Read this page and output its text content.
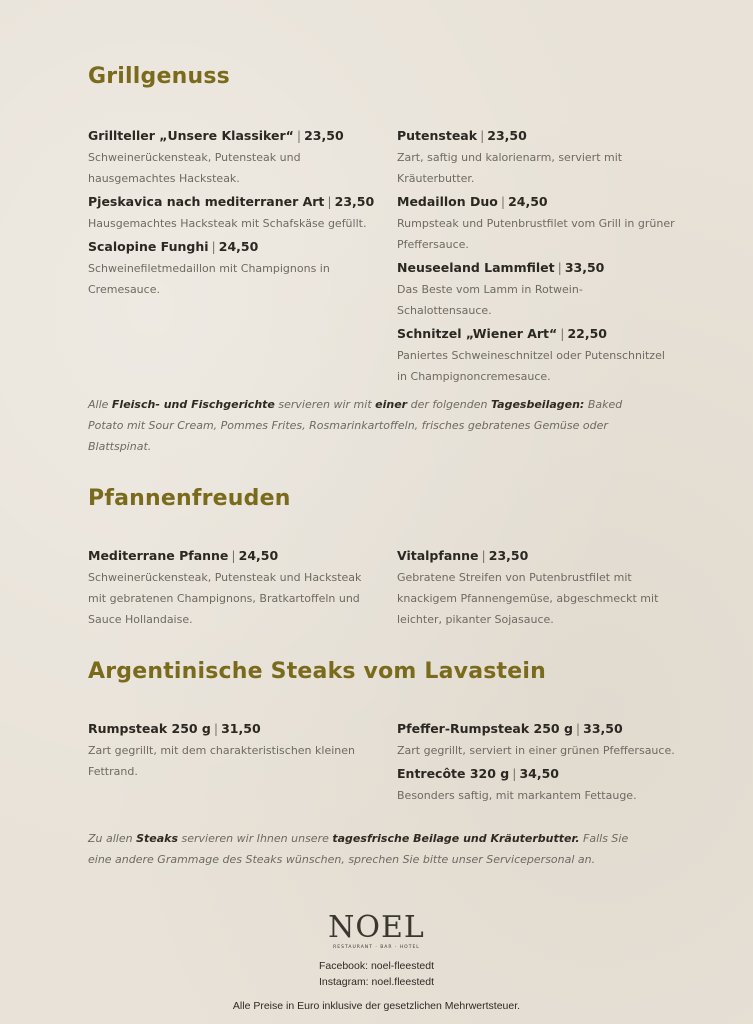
Grillgenuss
Grillteller „Unsere Klassiker“ | 23,50
Schweinerückensteak, Putensteak und hausgemachtes Hacksteak.
Pjeskavica nach mediterraner Art | 23,50
Hausgemachtes Hacksteak mit Schafskäse gefüllt.
Scalopine Funghi | 24,50
Schweinefiletmedaillon mit Champignons in Cremesauce.
Putensteak | 23,50
Zart, saftig und kalorienarm, serviert mit Kräuterbutter.
Medaillon Duo | 24,50
Rumpsteak und Putenbrustfilet vom Grill in grüner Pfeffersauce.
Neuseeland Lammfilet | 33,50
Das Beste vom Lamm in Rotwein-Schalottensauce.
Schnitzel „Wiener Art“ | 22,50
Paniertes Schweineschnitzel oder Putenschnitzel in Champignoncremesauce.
Alle Fleisch- und Fischgerichte servieren wir mit einer der folgenden Tagesbeilagen: Baked Potato mit Sour Cream, Pommes Frites, Rosmarinkartoffeln, frisches gebratenes Gemüse oder Blattspinat.
Pfannenfreuden
Mediterrane Pfanne | 24,50
Schweinerückensteak, Putensteak und Hacksteak mit gebratenen Champignons, Bratkartoffeln und Sauce Hollandaise.
Vitalpfanne | 23,50
Gebratene Streifen von Putenbrustfilet mit knackigem Pfannengemüse, abgeschmeckt mit leichter, pikanter Sojasauce.
Argentinische Steaks vom Lavastein
Rumpsteak 250 g | 31,50
Zart gegrillt, mit dem charakteristischen kleinen Fettrand.
Pfeffer-Rumpsteak 250 g | 33,50
Zart gegrillt, serviert in einer grünen Pfeffersauce.
Entrecôte 320 g | 34,50
Besonders saftig, mit markantem Fettauge.
Zu allen Steaks servieren wir Ihnen unsere tagesfrische Beilage und Kräuterbutter. Falls Sie eine andere Grammage des Steaks wünschen, sprechen Sie bitte unser Servicepersonal an.
NOEL
RESTAURANT · BAR · HOTEL
Facebook: noel-fleestedt
Instagram: noel.fleestedt
Alle Preise in Euro inklusive der gesetzlichen Mehrwertsteuer.
